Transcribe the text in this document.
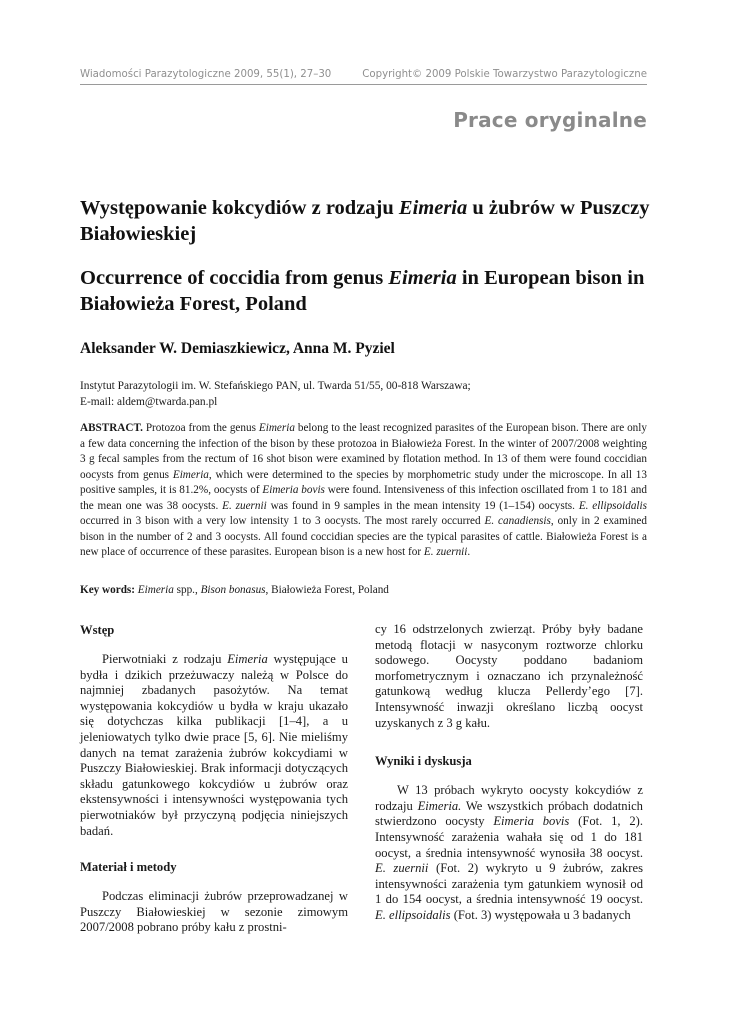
Wiadomości Parazytologiczne 2009, 55(1), 27–30	Copyright© 2009 Polskie Towarzystwo Parazytologiczne
Prace oryginalne
Występowanie kokcydiów z rodzaju Eimeria u żubrów w Puszczy Białowieskiej
Occurrence of coccidia from genus Eimeria in European bison in Białowieża Forest, Poland
Aleksander W. Demiaszkiewicz, Anna M. Pyziel
Instytut Parazytologii im. W. Stefańskiego PAN, ul. Twarda 51/55, 00-818 Warszawa;
E-mail: aldem@twarda.pan.pl

ABSTRACT. Protozoa from the genus Eimeria belong to the least recognized parasites of the European bison. There are only a few data concerning the infection of the bison by these protozoa in Białowieża Forest. In the winter of 2007/2008 weighting 3 g fecal samples from the rectum of 16 shot bison were examined by flotation method. In 13 of them were found coccidian oocysts from genus Eimeria, which were determined to the species by morphometric study under the microscope. In all 13 positive samples, it is 81.2%, oocysts of Eimeria bovis were found. Intensiveness of this infection oscillated from 1 to 181 and the mean one was 38 oocysts. E. zuernii was found in 9 samples in the mean intensity 19 (1–154) oocysts. E. ellipsoidalis occurred in 3 bison with a very low intensity 1 to 3 oocysts. The most rarely occurred E. canadiensis, only in 2 examined bison in the number of 2 and 3 oocysts. All found coccidian species are the typical parasites of cattle. Białowieża Forest is a new place of occurrence of these parasites. European bison is a new host for E. zuernii.

Key words: Eimeria spp., Bison bonasus, Białowieża Forest, Poland

Wstęp

Pierwotniaki z rodzaju Eimeria występujące u bydła i dzikich przeżuwaczy należą w Polsce do najmniej zbadanych pasożytów. Na temat występowania kokcydiów u bydła w kraju ukazało się dotychczas kilka publikacji [1–4], a u jeleniowatych tylko dwie prace [5, 6]. Nie mieliśmy danych na temat zarażenia żubrów kokcydiami w Puszczy Białowieskiej. Brak informacji dotyczących składu gatunkowego kokcydiów u żubrów oraz ekstensywności i intensywności występowania tych pierwotniaków był przyczyną podjęcia niniejszych badań.

Materiał i metody

Podczas eliminacji żubrów przeprowadzanej w Puszczy Białowieskiej w sezonie zimowym 2007/2008 pobrano próby kału z prostni-

cy 16 odstrzelonych zwierząt. Próby były badane metodą flotacji w nasyconym roztworze chlorku sodowego. Oocysty poddano badaniom morfometrycznym i oznaczano ich przynależność gatunkową według klucza Pellerdy’ego [7]. Intensywność inwazji określano liczbą oocyst uzyskanych z 3 g kału.

Wyniki i dyskusja

W 13 próbach wykryto oocysty kokcydiów z rodzaju Eimeria. We wszystkich próbach dodatnich stwierdzono oocysty Eimeria bovis (Fot. 1, 2). Intensywność zarażenia wahała się od 1 do 181 oocyst, a średnia intensywność wynosiła 38 oocyst. E. zuernii (Fot. 2) wykryto u 9 żubrów, zakres intensywności zarażenia tym gatunkiem wynosił od 1 do 154 oocyst, a średnia intensywność 19 oocyst. E. ellipsoidalis (Fot. 3) występowała u 3 badanych
